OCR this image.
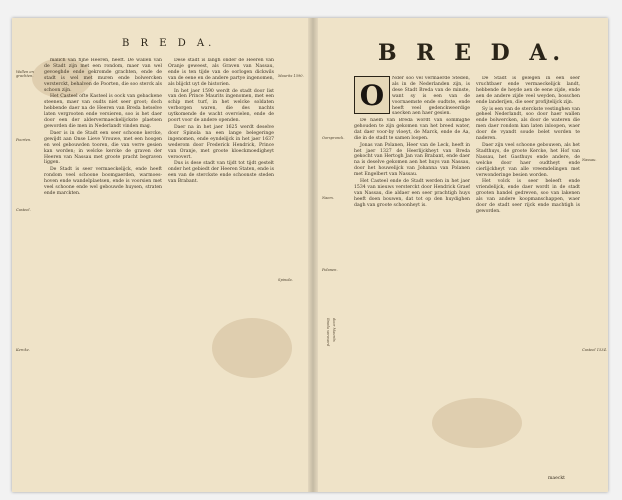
B R E D A.
Wallen en grachten.
Poorten.
Casteel.
Kercke.

malich van fijne Heeren, heeft. De wallen van de Stadt zijn met een rondom, maer van wel gevoeghde ende gekromde grachten, ende de stadt is wel met muren ende bolwercken versterckt, behalven de Poorten, die soo sterck als schoon zijn.

Het Casteel ofte Kasteel is oock van gebackene steenen, maer van oudts niet seer groot; doch hebbende daer na de Heeren van Breda hetselve laten vergrooten ende versieren, soo is het daer door een der aldervermaeckelijckste plaetsen geworden die men in Nederlandt vinden mag.

Daer is in de Stadt een seer schoone kercke, gewijdt aan Onse Lieve Vrouwe, met een hoogen en wel gebouwden tooren, die van verre gesien kan worden; in welcke kercke de graven der Heeren van Nassau met groote pracht begraven liggen.

De Stadt is seer vermaeckelijck, ende heeft rondom veel schoone boomgaerden, warmoes-hoven ende wandelplaetsen, ende is voorsien met veel schoone ende wel gebouwde huysen, straten ende marckten.

Dese stadt is langh onder de Heeren van Oranje geweest, als Graven van Nassau, ende is ten tijde van de oorlogen dickwils van de eene en de andere partye ingenomen, als blijckt uyt de historien.

In het jaer 1590 werdt de stadt door list van den Prince Maurits ingenomen, met een schip met turf, in het welcke soldaten verborgen waren, die des nachts uytkomende de wacht overvielen, ende de poort voor de andere openden.

Daer na in het jaer 1625 werdt deselve door Spinola na een lange belegeringe ingenomen, ende eyndelijck in het jaer 1637 wederom door Frederick Hendrick, Prince van Oranje, met groote kloeckmoedigheyt veroovert.

Dus is dese stadt van tijdt tot tijdt gestelt onder het gebiedt der Heeren Staten, ende is een van de sterckste ende schoonste steden van Brabant.

Maurits 1590.
Spinola.
B R E D A.
O
Oorspronck.
Naem.
Polanen.
Breda veroverd door Maurits

Nder soo vel vermaerde Steden, als in de Nederlanden zijn, is dese Stadt Breda van de minste, want sy is een van de voornaemste ende oudtste, ende heeft veel gedenckweerdige saecken aen haer gesien.

De naem van Breda wordt van sommighe gehouden te zijn gekomen van het breed water, dat daer voor-by vloeyt, de Marck, ende de Aa, die in de stadt te samen loopen.

Jonas van Polanen, Heer van de Leck, heeft in het jaer 1327 de Heerlijckheyt van Breda gekocht van Hertogh Jan van Brabant, ende daer na is deselve gekomen aen het huys van Nassau, door het houwelijck van Johanna van Polanen met Engelbert van Nassau.

Het Casteel ende de Stadt werden in het jaer 1534 van nieuws versterckt door Hendrick Graef van Nassau, die aldaer een seer prachtigh huys heeft doen bouwen, dat tot op den huydighen dagh van groote schoonheyt is.

De Stadt is gelegen in een seer vruchtbaer ende vermaeckelijck landt, hebbende de heyde aen de eene zijde, ende aen de andere zijde veel weyden, bosschen ende landerijen, die seer profijtelijck zijn.

Sy is een van de sterckste vestinghen van geheel Nederlandt, soo door haer wallen ende bolwercken, als door de wateren die men daer rondom kan laten inloopen, waer door de vyandt soude belet worden te naderen.

Daer zijn veel schoone gebouwen, als het Stadthuys, de groote Kercke, het Hof van Nassau, het Gasthuys ende andere, de welcke door haer oudtheyt ende cierlijckheyt van alle vreemdelingen met verwonderinge besien worden.

Het volck is seer beleeft ende vriendelijck, ende daer wordt in de stadt grooten handel gedreven, soo van lakenen als van andere koopmanschappen, waer door de stadt seer rijck ende machtigh is geworden.

Nassau.
Casteel 1534.
maeckt
